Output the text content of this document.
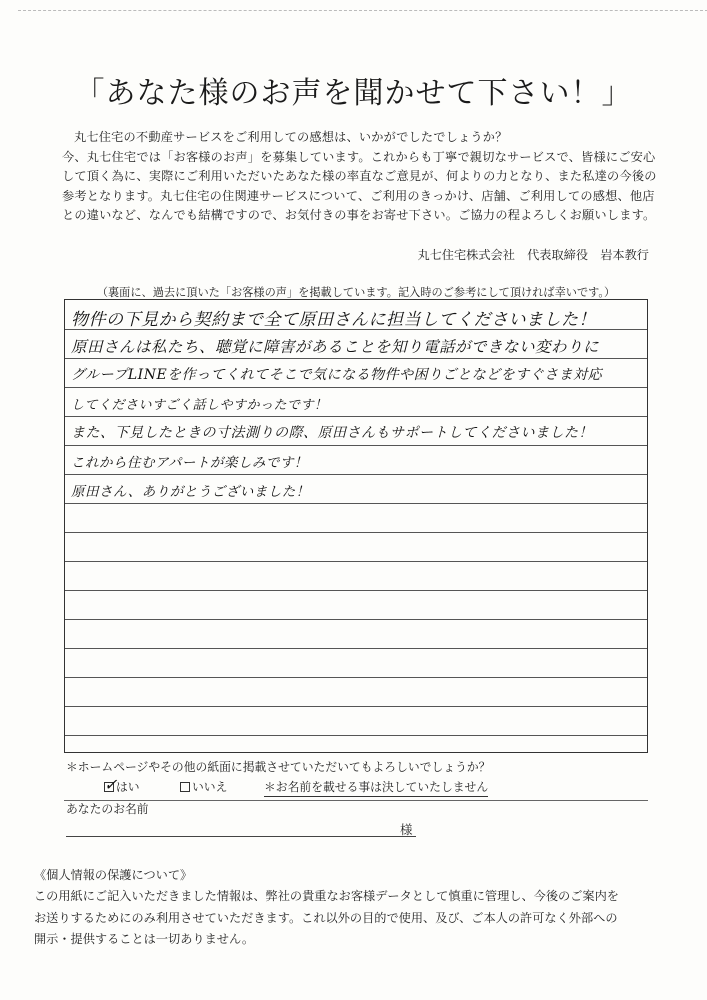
「あなた様のお声を聞かせて下さい！」

丸七住宅の不動産サービスをご利用しての感想は、いかがでしたでしょうか？

今、丸七住宅では「お客様のお声」を募集しています。これからも丁寧で親切なサービスで、皆様にご安心

して頂く為に、実際にご利用いただいたあなた様の率直なご意見が、何よりの力となり、また私達の今後の

参考となります。丸七住宅の住関連サービスについて、ご利用のきっかけ、店舗、ご利用しての感想、他店

との違いなど、なんでも結構ですので、お気付きの事をお寄せ下さい。ご協力の程よろしくお願いします。

丸七住宅株式会社　代表取締役　岩本教行

（裏面に、過去に頂いた「お客様の声」を掲載しています。記入時のご参考にして頂ければ幸いです。）

物件の下見から契約まで全て原田さんに担当してくださいました！
原田さんは私たち、聴覚に障害があることを知り電話ができない変わりに
グループLINEを作ってくれてそこで気になる物件や困りごとなどをすぐさま対応
してくださいすごく話しやすかったです！
また、下見したときの寸法測りの際、原田さんもサポートしてくださいました！
これから住むアパートが楽しみです！
原田さん、ありがとうございました！

＊ホームページやその他の紙面に掲載させていただいてもよろしいでしょうか？

✓
はい	いいえ	＊お名前を載せる事は決していたしません

あなたのお名前

様

《個人情報の保護について》

この用紙にご記入いただきました情報は、弊社の貴重なお客様データとして慎重に管理し、今後のご案内を

お送りするためにのみ利用させていただきます。これ以外の目的で使用、及び、ご本人の許可なく外部への

開示・提供することは一切ありません。
